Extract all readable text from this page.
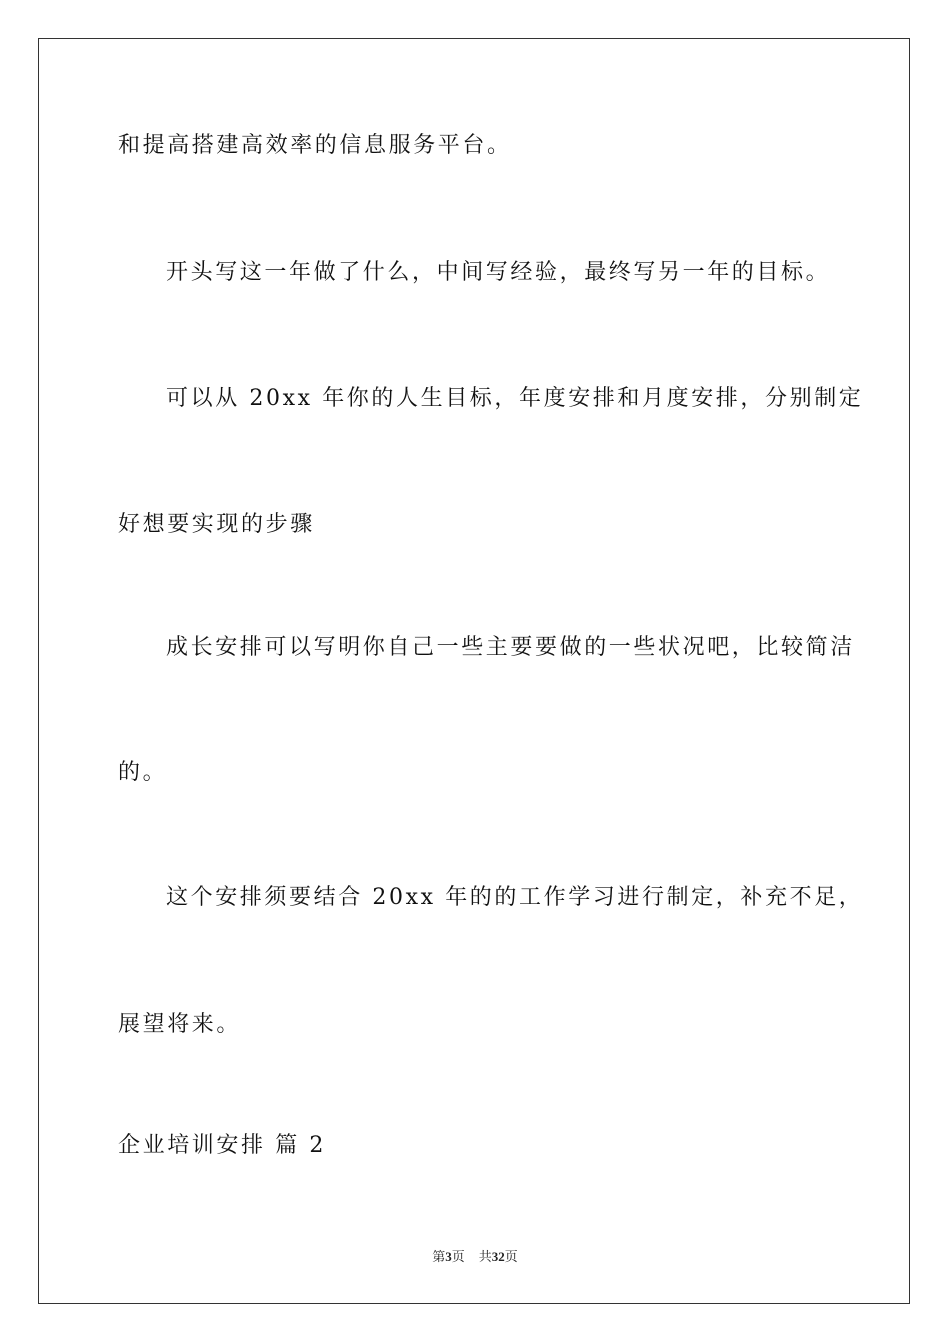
和提高搭建高效率的信息服务平台。
开头写这一年做了什么，中间写经验，最终写另一年的目标。
可以从 20xx 年你的人生目标，年度安排和月度安排，分别制定
好想要实现的步骤
成长安排可以写明你自己一些主要要做的一些状况吧，比较简洁
的。
这个安排须要结合 20xx 年的的工作学习进行制定，补充不足，
展望将来。
企业培训安排 篇 2
第3页 共32页
